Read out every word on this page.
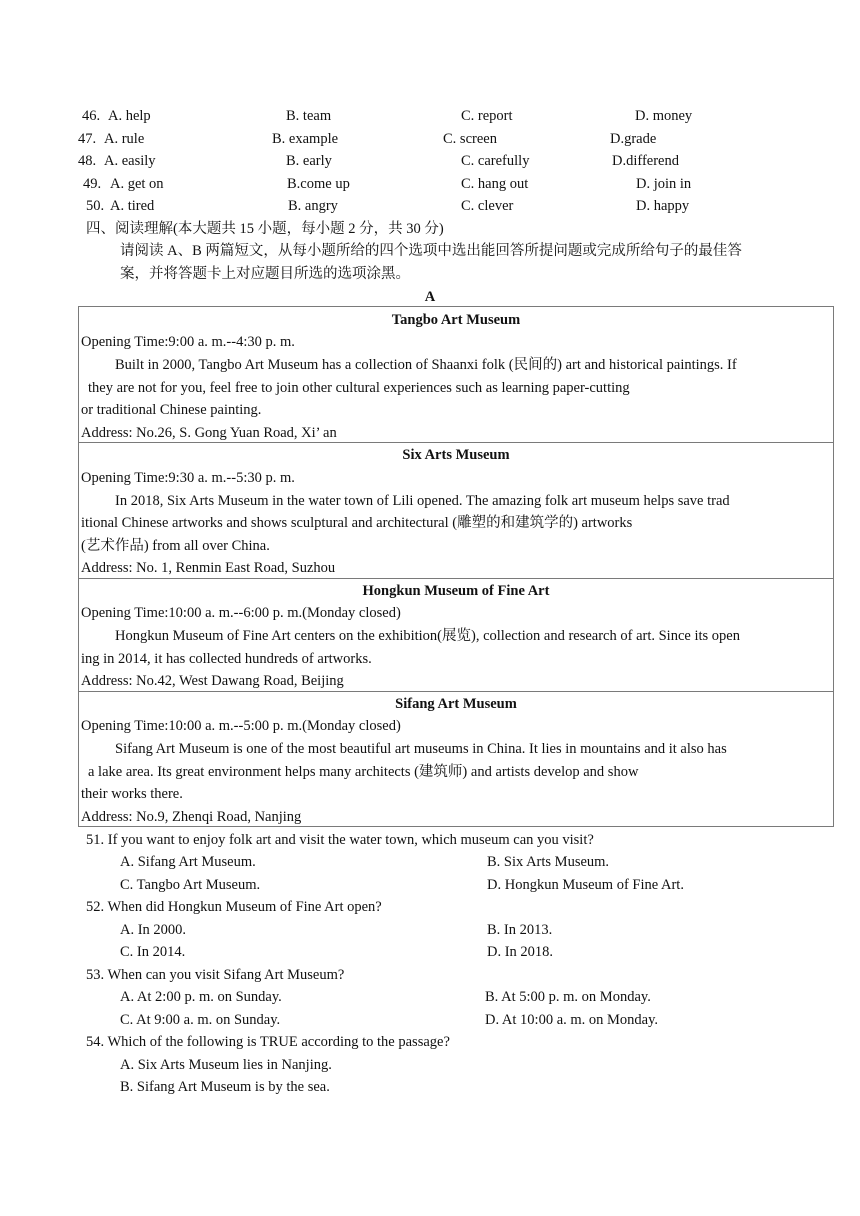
46. A. help	B. team	C. report	D. money
47. A. rule	B. example	C. screen	D.grade
48. A. easily	B. early	C. carefully	D.differend
49. A. get on	B.come up	C. hang out	D. join in
50. A. tired	B. angry	C. clever	D. happy
四、阅读理解(本大题共 15 小题，每小题 2 分，共 30 分)
请阅读 A、B 两篇短文，从每小题所给的四个选项中选出能回答所提问题或完成所给句子的最佳答
案，并将答题卡上对应题目所选的选项涂黑。
A
Tangbo Art Museum
Opening Time:9:00 a. m.--4:30 p. m.
Built in 2000, Tangbo Art Museum has a collection of Shaanxi folk (民间的) art and historical paintings. If
they are not for you, feel free to join other cultural experiences such as learning paper-cutting
or traditional Chinese painting.
Address: No.26, S. Gong Yuan Road, Xi’ an
Six Arts Museum
Opening Time:9:30 a. m.--5:30 p. m.
In 2018, Six Arts Museum in the water town of Lili opened. The amazing folk art museum helps save trad
itional Chinese artworks and shows sculptural and architectural (雕塑的和建筑学的) artworks
(艺术作品) from all over China.
Address: No. 1, Renmin East Road, Suzhou
Hongkun Museum of Fine Art
Opening Time:10:00 a. m.--6:00 p. m.(Monday closed)
Hongkun Museum of Fine Art centers on the exhibition(展览), collection and research of art. Since its open
ing in 2014, it has collected hundreds of artworks.
Address: No.42, West Dawang Road, Beijing
Sifang Art Museum
Opening Time:10:00 a. m.--5:00 p. m.(Monday closed)
Sifang Art Museum is one of the most beautiful art museums in China. It lies in mountains and it also has
a lake area. Its great environment helps many architects (建筑师) and artists develop and show
their works there.
Address: No.9, Zhenqi Road, Nanjing
51. If you want to enjoy folk art and visit the water town, which museum can you visit?
A. Sifang Art Museum.	B. Six Arts Museum.
C. Tangbo Art Museum.	D. Hongkun Museum of Fine Art.
52. When did Hongkun Museum of Fine Art open?
A. In 2000.	B. In 2013.
C. In 2014.	D. In 2018.
53. When can you visit Sifang Art Museum?
A. At 2:00 p. m. on Sunday.	B. At 5:00 p. m. on Monday.
C. At 9:00 a. m. on Sunday.	D. At 10:00 a. m. on Monday.
54. Which of the following is TRUE according to the passage?
A. Six Arts Museum lies in Nanjing.
B. Sifang Art Museum is by the sea.
